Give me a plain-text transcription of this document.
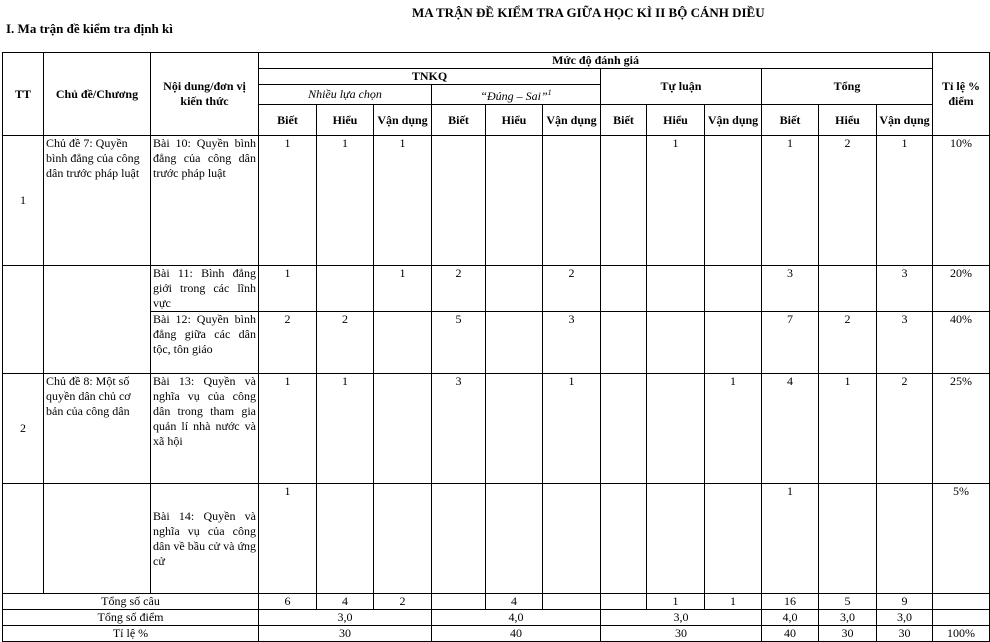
MA TRẬN ĐỀ KIỂM TRA GIỮA HỌC KÌ II BỘ CÁNH DIỀU
I. Ma trận đề kiểm tra định kì
TT	Chủ đề/Chương	Nội dung/đơn vị kiến thức	Mức độ đánh giá												Tỉ lệ % điểm
			TNKQ						Tự luận			Tổng			
			Nhiều lựa chọn			“Đúng – Sai”$^1$
			Biết	Hiểu	Vận dụng	Biết	Hiểu	Vận dụng	Biết	Hiểu	Vận dụng	Biết	Hiểu	Vận dụng	
1	Chủ đề 7: Quyền bình đẳng của công dân trước pháp luật	Bài 10: Quyền bình đẳng của công dân trước pháp luật	1	1	1					1		1	2	1	10%
		Bài 11: Bình đẳng giới trong các lĩnh vực	1		1	2		2				3		3	20%
		Bài 12: Quyền bình đẳng giữa các dân tộc, tôn giáo	2	2		5		3				7	2	3	40%
2	Chủ đề 8: Một số quyền dân chủ cơ bản của công dân	Bài 13: Quyền và nghĩa vụ của công dân trong tham gia quản lí nhà nước và xã hội	1	1		3		1			1	4	1	2	25%
		Bài 14: Quyền và nghĩa vụ của công dân về bầu cử và ứng cử	1									1			5%
Tổng số câu			6	4	2		4			1	1	16	5	9	
Tổng số điểm			3,0			4,0			3,0			4,0	3,0	3,0	
Tỉ lệ %			30			40			30			40	30	30	100%
